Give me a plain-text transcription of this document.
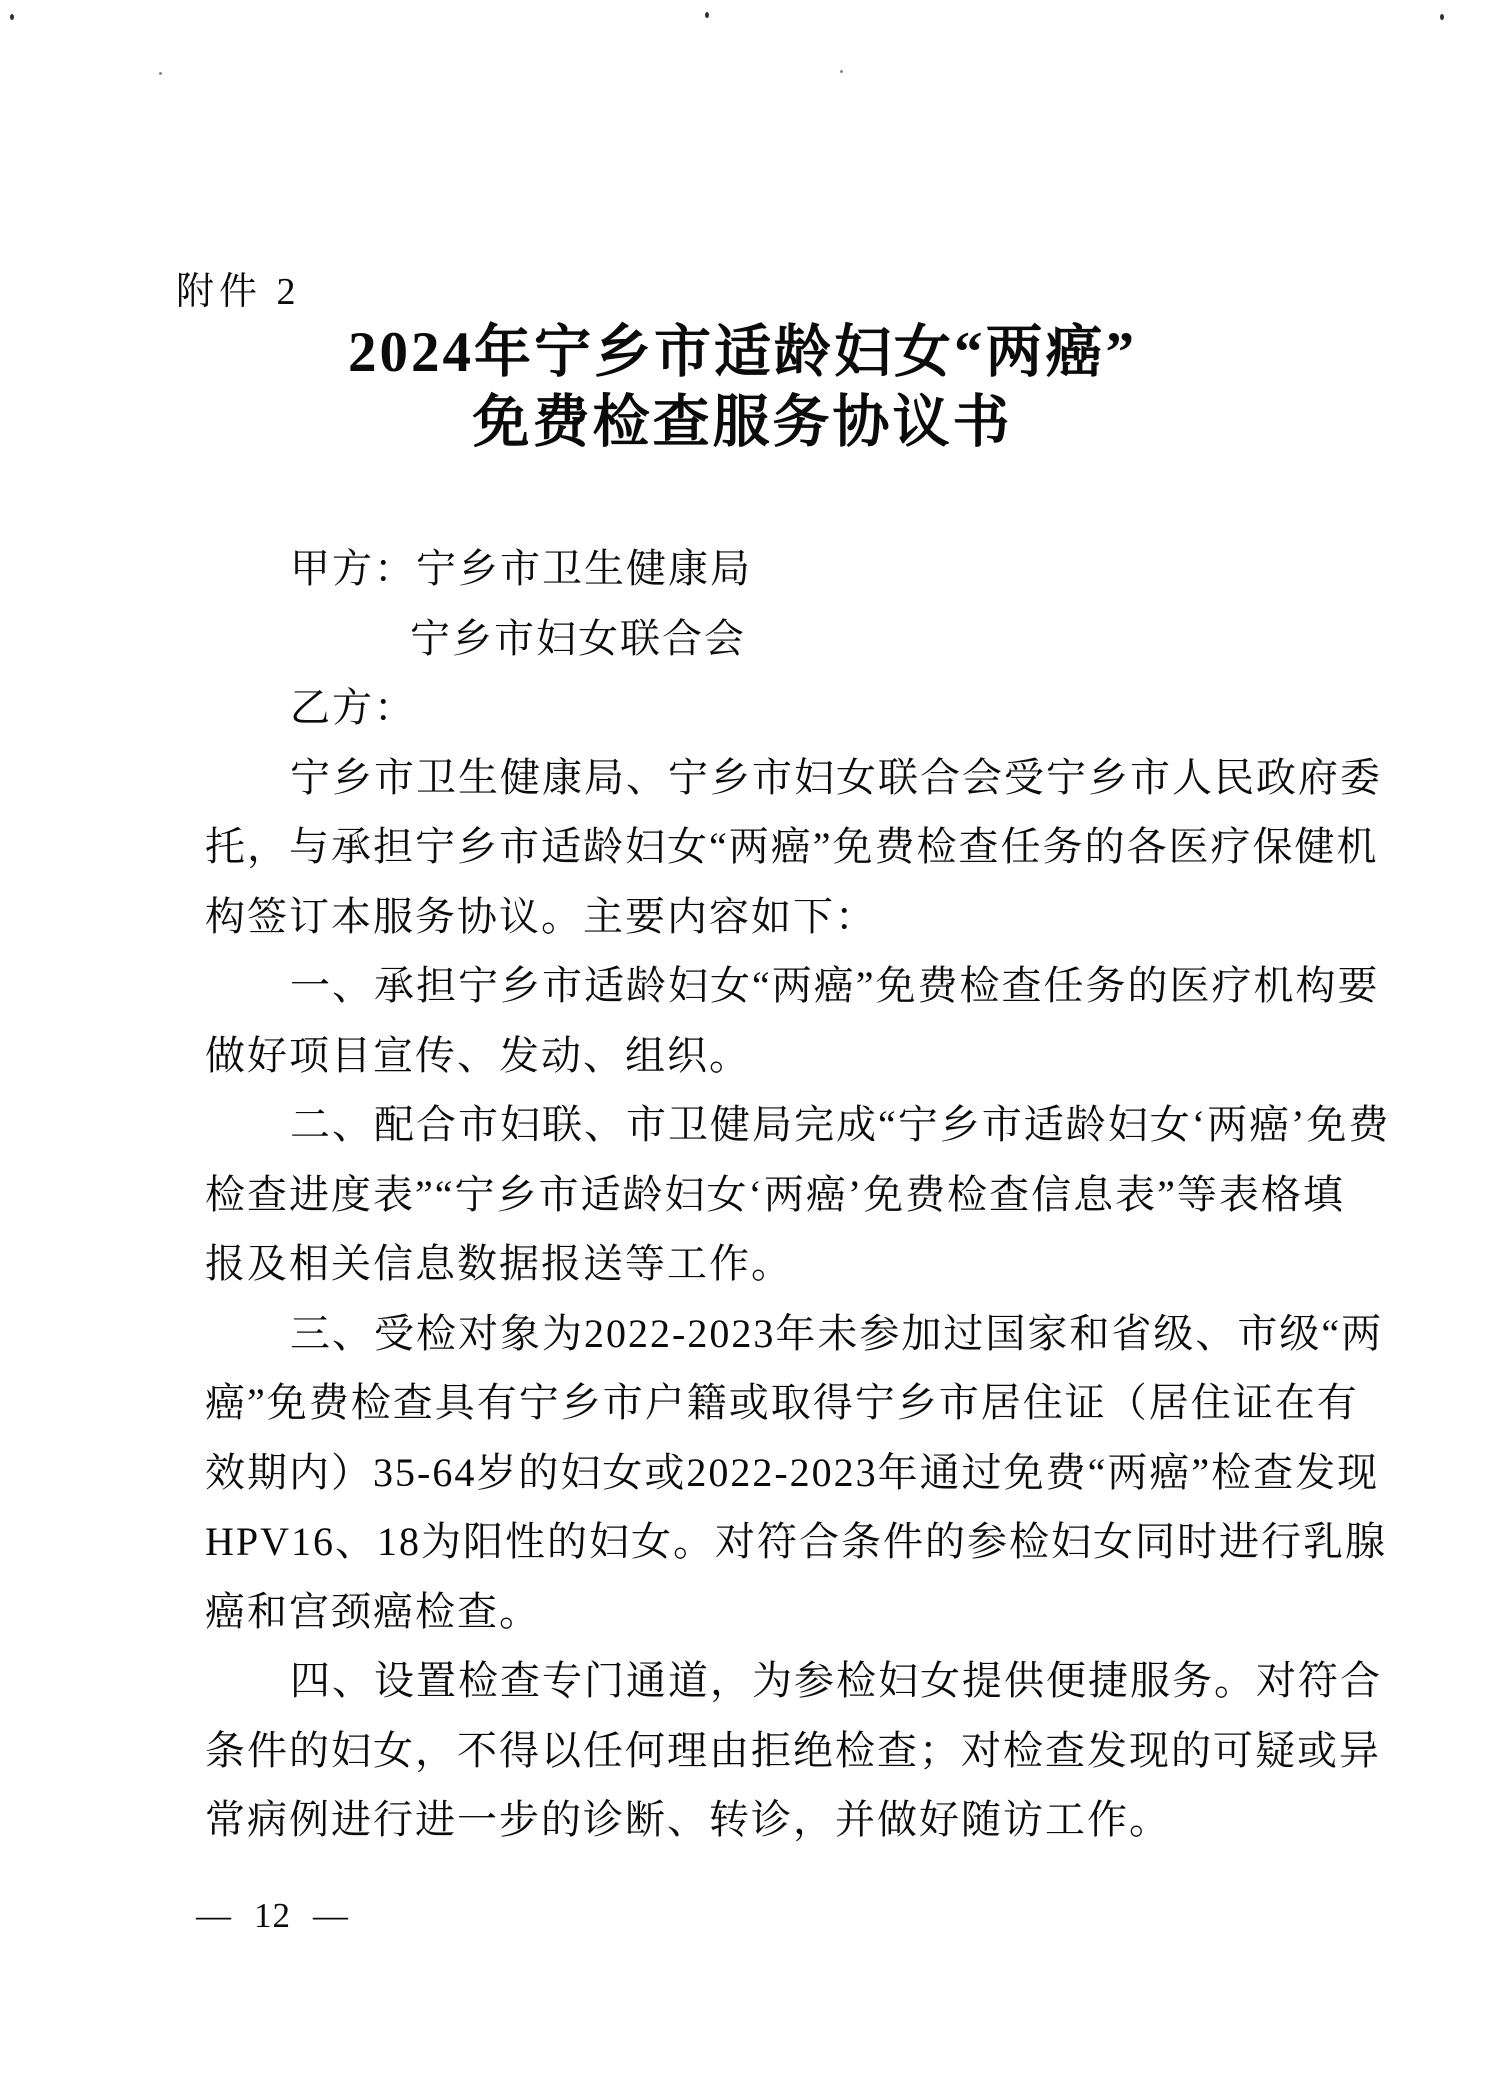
附件 2
2024年宁乡市适龄妇女“两癌”
免费检查服务协议书
甲方：宁乡市卫生健康局
宁乡市妇女联合会
乙方：
宁乡市卫生健康局、宁乡市妇女联合会受宁乡市人民政府委
托，与承担宁乡市适龄妇女“两癌”免费检查任务的各医疗保健机
构签订本服务协议。主要内容如下：
一、承担宁乡市适龄妇女“两癌”免费检查任务的医疗机构要
做好项目宣传、发动、组织。
二、配合市妇联、市卫健局完成“宁乡市适龄妇女‘两癌’免费
检查进度表”“宁乡市适龄妇女‘两癌’免费检查信息表”等表格填
报及相关信息数据报送等工作。
三、受检对象为2022-2023年未参加过国家和省级、市级“两
癌”免费检查具有宁乡市户籍或取得宁乡市居住证（居住证在有
效期内）35-64岁的妇女或2022-2023年通过免费“两癌”检查发现
HPV16、18为阳性的妇女。对符合条件的参检妇女同时进行乳腺
癌和宫颈癌检查。
四、设置检查专门通道，为参检妇女提供便捷服务。对符合
条件的妇女，不得以任何理由拒绝检查；对检查发现的可疑或异
常病例进行进一步的诊断、转诊，并做好随访工作。
— 12 —
